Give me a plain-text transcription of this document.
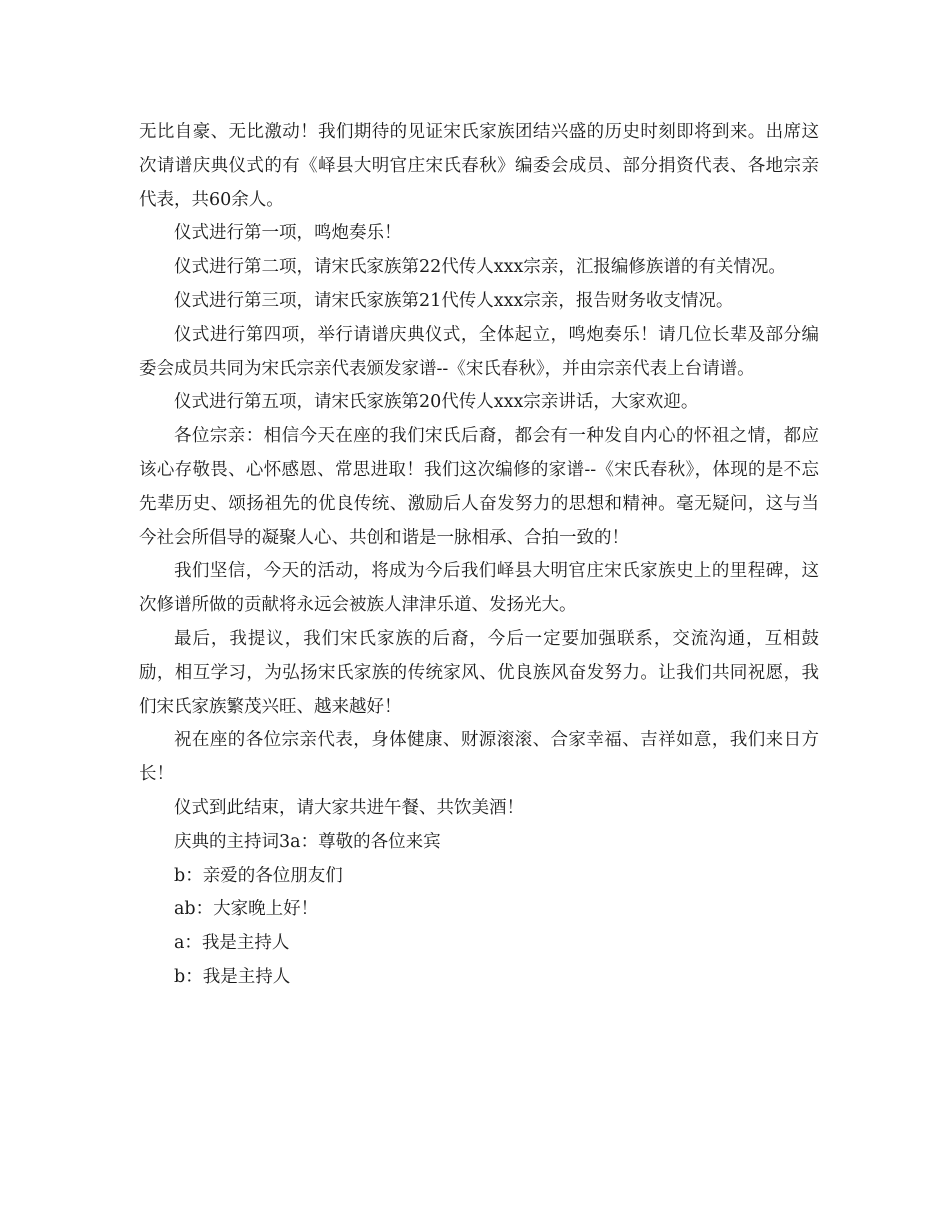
无比自豪、无比激动！我们期待的见证宋氏家族团结兴盛的历史时刻即将到来。出席这次请谱庆典仪式的有《峄县大明官庄宋氏春秋》编委会成员、部分捐资代表、各地宗亲代表，共60余人。

仪式进行第一项，鸣炮奏乐！

仪式进行第二项，请宋氏家族第22代传人xxx宗亲，汇报编修族谱的有关情况。

仪式进行第三项，请宋氏家族第21代传人xxx宗亲，报告财务收支情况。

仪式进行第四项，举行请谱庆典仪式，全体起立，鸣炮奏乐！请几位长辈及部分编委会成员共同为宋氏宗亲代表颁发家谱--《宋氏春秋》，并由宗亲代表上台请谱。

仪式进行第五项，请宋氏家族第20代传人xxx宗亲讲话，大家欢迎。

各位宗亲：相信今天在座的我们宋氏后裔，都会有一种发自内心的怀祖之情，都应该心存敬畏、心怀感恩、常思进取！我们这次编修的家谱--《宋氏春秋》，体现的是不忘先辈历史、颂扬祖先的优良传统、激励后人奋发努力的思想和精神。毫无疑问，这与当今社会所倡导的凝聚人心、共创和谐是一脉相承、合拍一致的！

我们坚信，今天的活动，将成为今后我们峄县大明官庄宋氏家族史上的里程碑，这次修谱所做的贡献将永远会被族人津津乐道、发扬光大。

最后，我提议，我们宋氏家族的后裔，今后一定要加强联系，交流沟通，互相鼓励，相互学习，为弘扬宋氏家族的传统家风、优良族风奋发努力。让我们共同祝愿，我们宋氏家族繁茂兴旺、越来越好！

祝在座的各位宗亲代表，身体健康、财源滚滚、合家幸福、吉祥如意，我们来日方长！

仪式到此结束，请大家共进午餐、共饮美酒！

庆典的主持词3a：尊敬的各位来宾

b：亲爱的各位朋友们

ab：大家晚上好！

a：我是主持人

b：我是主持人
